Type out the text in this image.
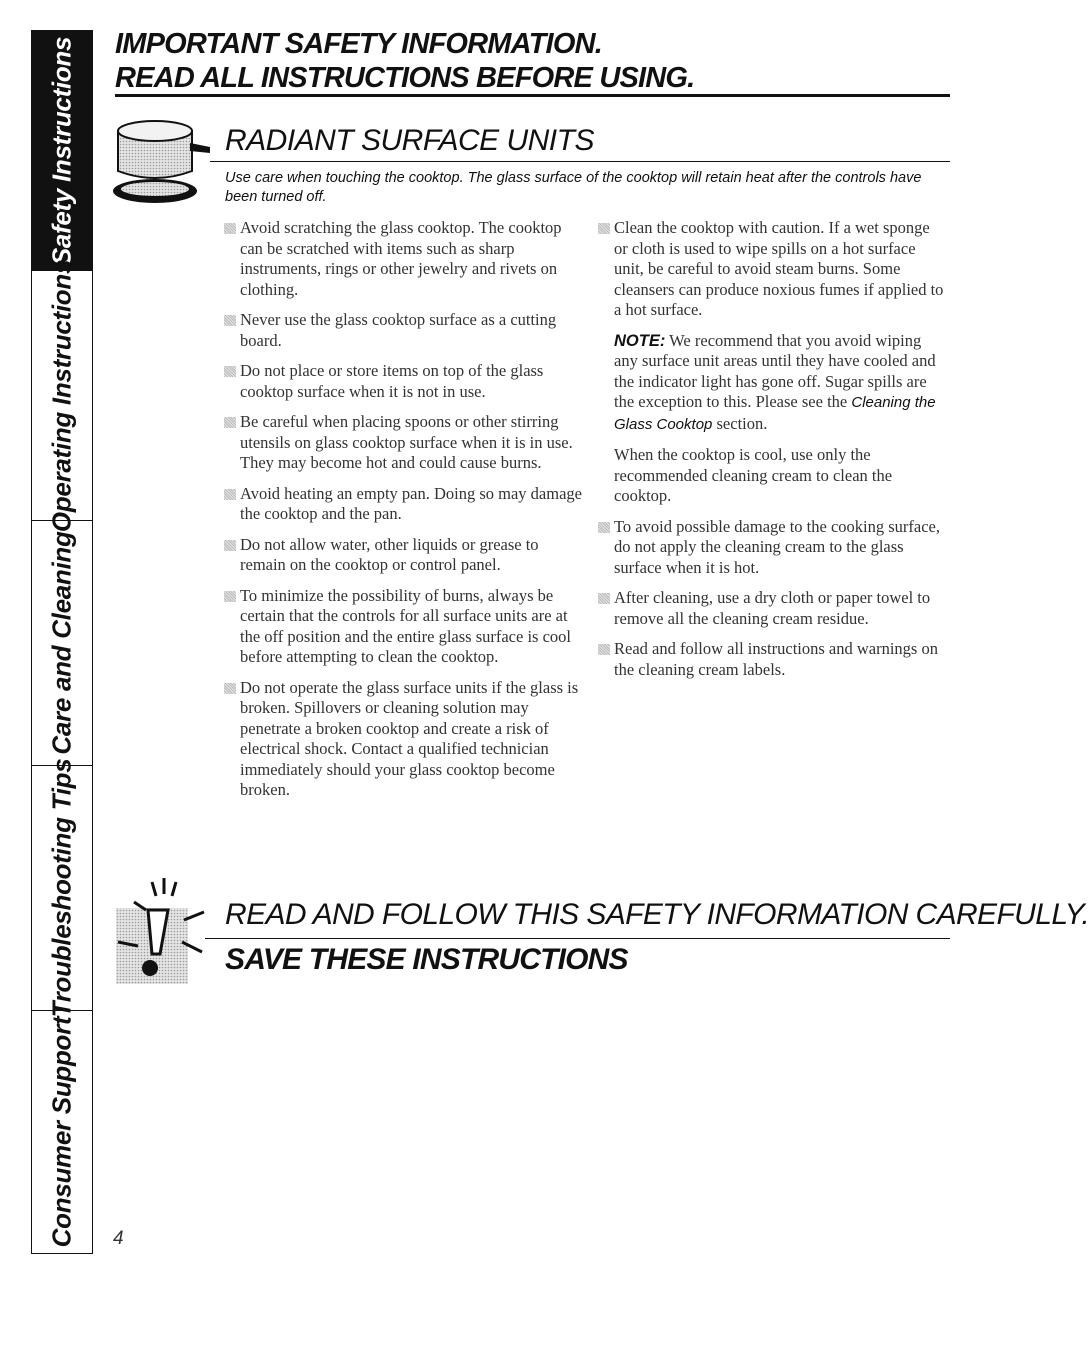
Safety Instructions
Operating Instructions
Care and Cleaning
Troubleshooting Tips
Consumer Support
IMPORTANT SAFETY INFORMATION.
READ ALL INSTRUCTIONS BEFORE USING.
RADIANT SURFACE UNITS
Use care when touching the cooktop. The glass surface of the cooktop will retain heat after the controls have been turned off.
Avoid scratching the glass cooktop. The cooktop can be scratched with items such as sharp instruments, rings or other jewelry and rivets on clothing.
Never use the glass cooktop surface as a cutting board.
Do not place or store items on top of the glass cooktop surface when it is not in use.
Be careful when placing spoons or other stirring utensils on glass cooktop surface when it is in use. They may become hot and could cause burns.
Avoid heating an empty pan. Doing so may damage the cooktop and the pan.
Do not allow water, other liquids or grease to remain on the cooktop or control panel.
To minimize the possibility of burns, always be certain that the controls for all surface units are at the off position and the entire glass surface is cool before attempting to clean the cooktop.
Do not operate the glass surface units if the glass is broken. Spillovers or cleaning solution may penetrate a broken cooktop and create a risk of electrical shock. Contact a qualified technician immediately should your glass cooktop become broken.
Clean the cooktop with caution. If a wet sponge or cloth is used to wipe spills on a hot surface unit, be careful to avoid steam burns. Some cleansers can produce noxious fumes if applied to a hot surface.
NOTE: We recommend that you avoid wiping any surface unit areas until they have cooled and the indicator light has gone off. Sugar spills are the exception to this. Please see the Cleaning the Glass Cooktop section.
When the cooktop is cool, use only the recommended cleaning cream to clean the cooktop.
To avoid possible damage to the cooking surface, do not apply the cleaning cream to the glass surface when it is hot.
After cleaning, use a dry cloth or paper towel to remove all the cleaning cream residue.
Read and follow all instructions and warnings on the cleaning cream labels.
READ AND FOLLOW THIS SAFETY INFORMATION CAREFULLY.
SAVE THESE INSTRUCTIONS
4
